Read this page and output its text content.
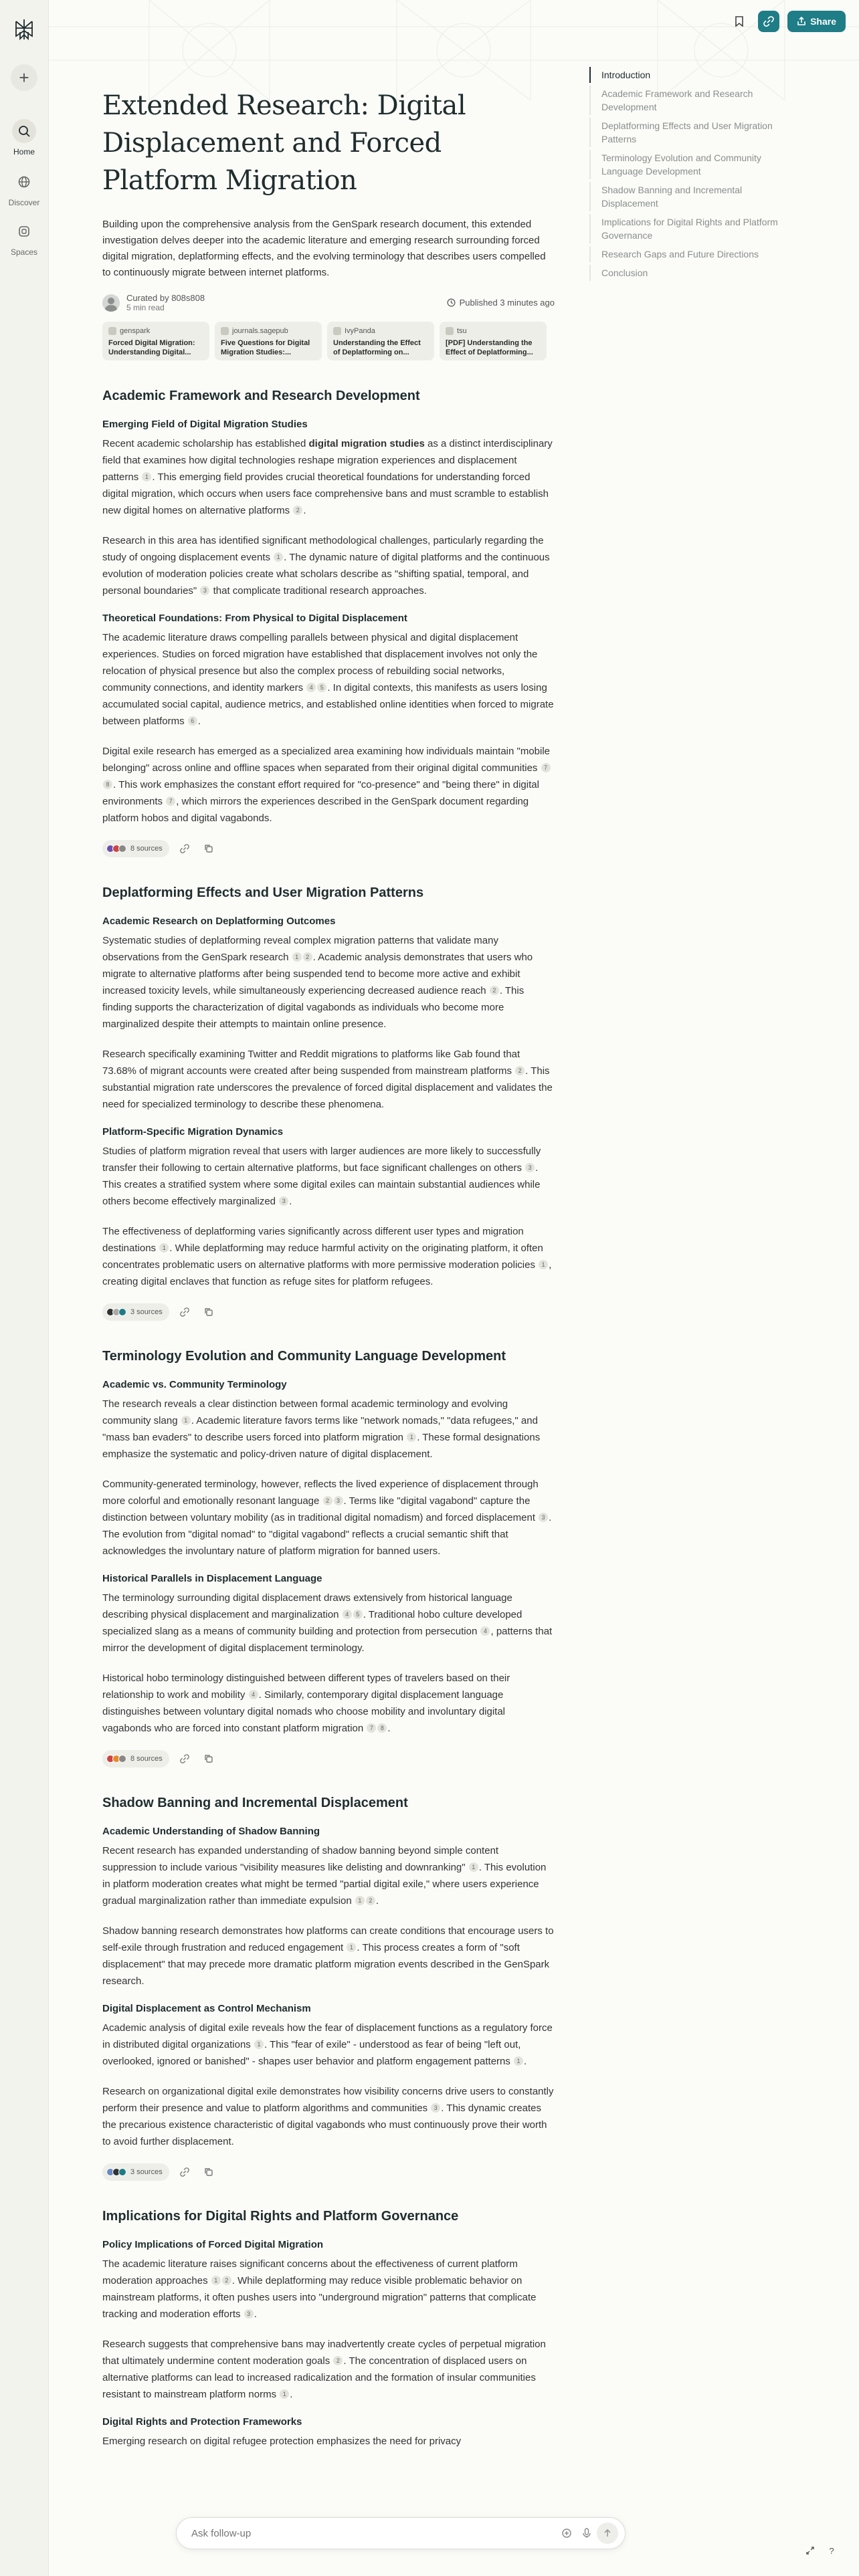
+
Home
Discover
Spaces
Share
Extended Research: Digital Displacement and Forced Platform Migration

Building upon the comprehensive analysis from the GenSpark research document, this extended investigation delves deeper into the academic literature and emerging research surrounding forced digital migration, deplatforming effects, and the evolving terminology that describes users compelled to continuously migrate between internet platforms.

Curated by 808s808
5 min read	Published 3 minutes ago
genspark
Forced Digital Migration: Understanding Digital...
journals.sagepub
Five Questions for Digital Migration Studies:...
IvyPanda
Understanding the Effect of Deplatforming on...
tsu
[PDF] Understanding the Effect of Deplatforming...
Academic Framework and Research Development
Emerging Field of Digital Migration Studies

Recent academic scholarship has established digital migration studies as a distinct interdisciplinary field that examines how digital technologies reshape migration experiences and displacement patterns 1 . This emerging field provides crucial theoretical foundations for understanding forced digital migration, which occurs when users face comprehensive bans and must scramble to establish new digital homes on alternative platforms 2 .

Research in this area has identified significant methodological challenges, particularly regarding the study of ongoing displacement events 1 . The dynamic nature of digital platforms and the continuous evolution of moderation policies create what scholars describe as "shifting spatial, temporal, and personal boundaries" 3 that complicate traditional research approaches.

Theoretical Foundations: From Physical to Digital Displacement

The academic literature draws compelling parallels between physical and digital displacement experiences. Studies on forced migration have established that displacement involves not only the relocation of physical presence but also the complex process of rebuilding social networks, community connections, and identity markers 4 5 . In digital contexts, this manifests as users losing accumulated social capital, audience metrics, and established online identities when forced to migrate between platforms 6 .

Digital exile research has emerged as a specialized area examining how individuals maintain "mobile belonging" across online and offline spaces when separated from their original digital communities 78 . This work emphasizes the constant effort required for "co-presence" and "being there" in digital environments 7 , which mirrors the experiences described in the GenSpark document regarding platform hobos and digital vagabonds.

8 sources
Deplatforming Effects and User Migration Patterns
Academic Research on Deplatforming Outcomes

Systematic studies of deplatforming reveal complex migration patterns that validate many observations from the GenSpark research 1 2 . Academic analysis demonstrates that users who migrate to alternative platforms after being suspended tend to become more active and exhibit increased toxicity levels, while simultaneously experiencing decreased audience reach 2 . This finding supports the characterization of digital vagabonds as individuals who become more marginalized despite their attempts to maintain online presence.

Research specifically examining Twitter and Reddit migrations to platforms like Gab found that 73.68% of migrant accounts were created after being suspended from mainstream platforms 2 . This substantial migration rate underscores the prevalence of forced digital displacement and validates the need for specialized terminology to describe these phenomena.

Platform-Specific Migration Dynamics

Studies of platform migration reveal that users with larger audiences are more likely to successfully transfer their following to certain alternative platforms, but face significant challenges on others 3 . This creates a stratified system where some digital exiles can maintain substantial audiences while others become effectively marginalized 3 .

The effectiveness of deplatforming varies significantly across different user types and migration destinations 1 . While deplatforming may reduce harmful activity on the originating platform, it often concentrates problematic users on alternative platforms with more permissive moderation policies 1 , creating digital enclaves that function as refuge sites for platform refugees.

3 sources
Terminology Evolution and Community Language Development
Academic vs. Community Terminology

The research reveals a clear distinction between formal academic terminology and evolving community slang 1 . Academic literature favors terms like "network nomads," "data refugees," and "mass ban evaders" to describe users forced into platform migration 1 . These formal designations emphasize the systematic and policy-driven nature of digital displacement.

Community-generated terminology, however, reflects the lived experience of displacement through more colorful and emotionally resonant language 2 3 . Terms like "digital vagabond" capture the distinction between voluntary mobility (as in traditional digital nomadism) and forced displacement 3 . The evolution from "digital nomad" to "digital vagabond" reflects a crucial semantic shift that acknowledges the involuntary nature of platform migration for banned users.

Historical Parallels in Displacement Language

The terminology surrounding digital displacement draws extensively from historical language describing physical displacement and marginalization 4 5 . Traditional hobo culture developed specialized slang as a means of community building and protection from persecution 4 , patterns that mirror the development of digital displacement terminology.

Historical hobo terminology distinguished between different types of travelers based on their relationship to work and mobility 4 . Similarly, contemporary digital displacement language distinguishes between voluntary digital nomads who choose mobility and involuntary digital vagabonds who are forced into constant platform migration 7 8 .

8 sources
Shadow Banning and Incremental Displacement
Academic Understanding of Shadow Banning

Recent research has expanded understanding of shadow banning beyond simple content suppression to include various "visibility measures like delisting and downranking" 1 . This evolution in platform moderation creates what might be termed "partial digital exile," where users experience gradual marginalization rather than immediate expulsion 1 2 .

Shadow banning research demonstrates how platforms can create conditions that encourage users to self-exile through frustration and reduced engagement 1 . This process creates a form of "soft displacement" that may precede more dramatic platform migration events described in the GenSpark research.

Digital Displacement as Control Mechanism

Academic analysis of digital exile reveals how the fear of displacement functions as a regulatory force in distributed digital organizations 1 . This "fear of exile" - understood as fear of being "left out, overlooked, ignored or banished" - shapes user behavior and platform engagement patterns 1 .

Research on organizational digital exile demonstrates how visibility concerns drive users to constantly perform their presence and value to platform algorithms and communities 3 . This dynamic creates the precarious existence characteristic of digital vagabonds who must continuously prove their worth to avoid further displacement.

3 sources
Implications for Digital Rights and Platform Governance
Policy Implications of Forced Digital Migration

The academic literature raises significant concerns about the effectiveness of current platform moderation approaches 1 2 . While deplatforming may reduce visible problematic behavior on mainstream platforms, it often pushes users into "underground migration" patterns that complicate tracking and moderation efforts 3 .

Research suggests that comprehensive bans may inadvertently create cycles of perpetual migration that ultimately undermine content moderation goals 2 . The concentration of displaced users on alternative platforms can lead to increased radicalization and the formation of insular communities resistant to mainstream platform norms 1 .

Digital Rights and Protection Frameworks

Emerging research on digital refugee protection emphasizes the need for privacy

Introduction
Academic Framework and Research Development
Deplatforming Effects and User Migration Patterns
Terminology Evolution and Community Language Development
Shadow Banning and Incremental Displacement
Implications for Digital Rights and Platform Governance
Research Gaps and Future Directions
Conclusion
Ask follow-up
?
